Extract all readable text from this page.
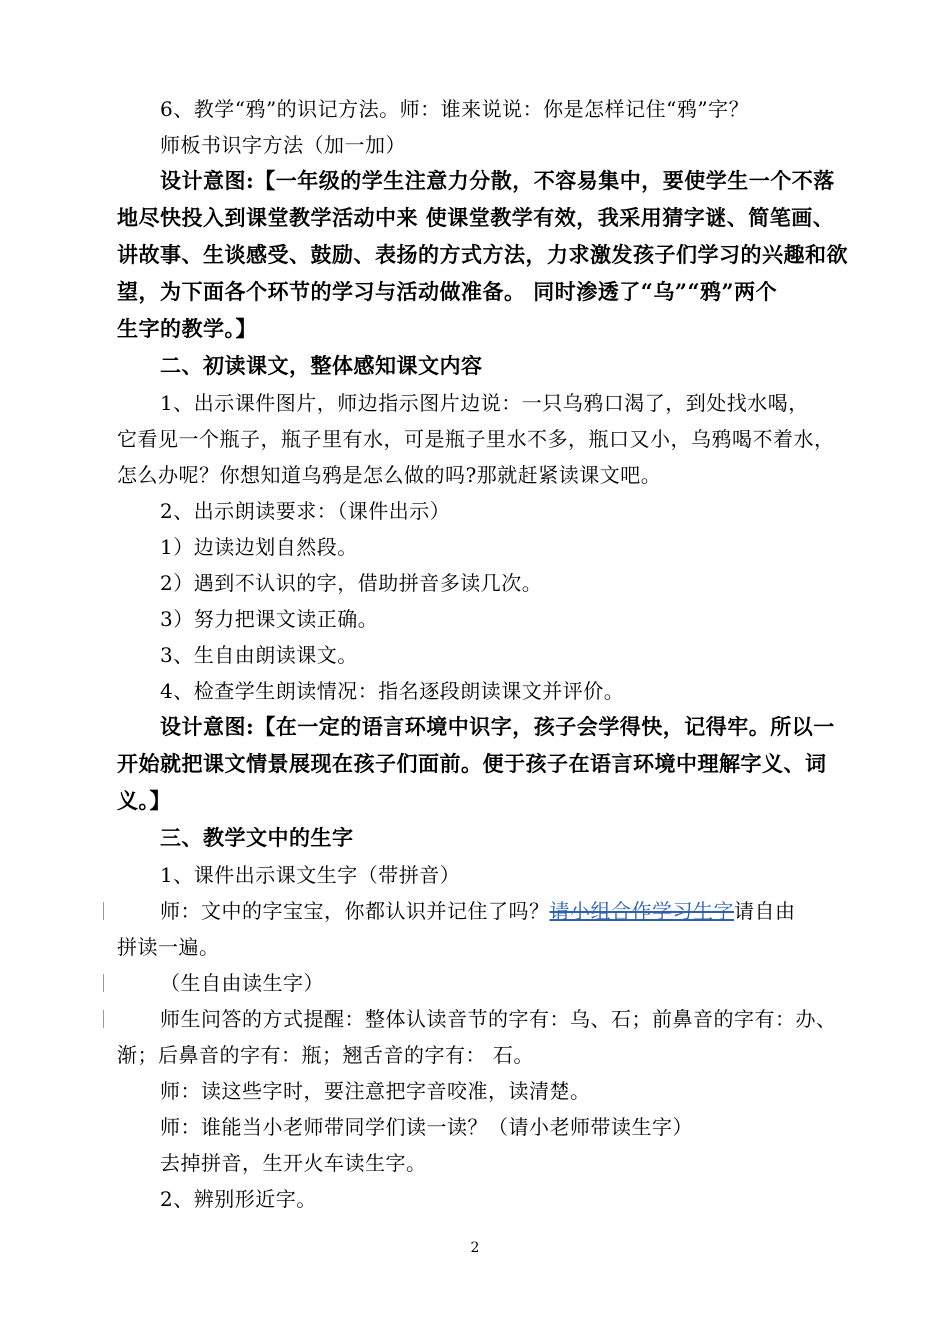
6、教学“鸦”的识记方法。师：谁来说说：你是怎样记住“鸦”字？
师板书识字方法（加一加）
设计意图:【一年级的学生注意力分散，不容易集中，要使学生一个不落
地尽快投入到课堂教学活动中来 使课堂教学有效，我采用猜字谜、简笔画、
讲故事、生谈感受、鼓励、表扬的方式方法，力求激发孩子们学习的兴趣和欲
望，为下面各个环节的学习与活动做准备。 同时渗透了“乌”“鸦”两个
生字的教学。】
二、初读课文，整体感知课文内容
1、出示课件图片，师边指示图片边说：一只乌鸦口渴了，到处找水喝，
它看见一个瓶子，瓶子里有水，可是瓶子里水不多，瓶口又小，乌鸦喝不着水，
怎么办呢？你想知道乌鸦是怎么做的吗?那就赶紧读课文吧。
2、出示朗读要求：（课件出示）
1）边读边划自然段。
2）遇到不认识的字，借助拼音多读几次。
3）努力把课文读正确。
3、生自由朗读课文。
4、检查学生朗读情况：指名逐段朗读课文并评价。
设计意图:【在一定的语言环境中识字，孩子会学得快，记得牢。所以一
开始就把课文情景展现在孩子们面前。便于孩子在语言环境中理解字义、词
义。】
三、教学文中的生字
1、课件出示课文生字（带拼音）
师：文中的字宝宝，你都认识并记住了吗？请小组合作学习生字请自由
拼读一遍。
（生自由读生字）
师生问答的方式提醒：整体认读音节的字有：乌、石；前鼻音的字有：办、
渐；后鼻音的字有：瓶；翘舌音的字有： 石。
师：读这些字时，要注意把字音咬准，读清楚。
师：谁能当小老师带同学们读一读？（请小老师带读生字）
去掉拼音，生开火车读生字。
2、辨别形近字。
2
